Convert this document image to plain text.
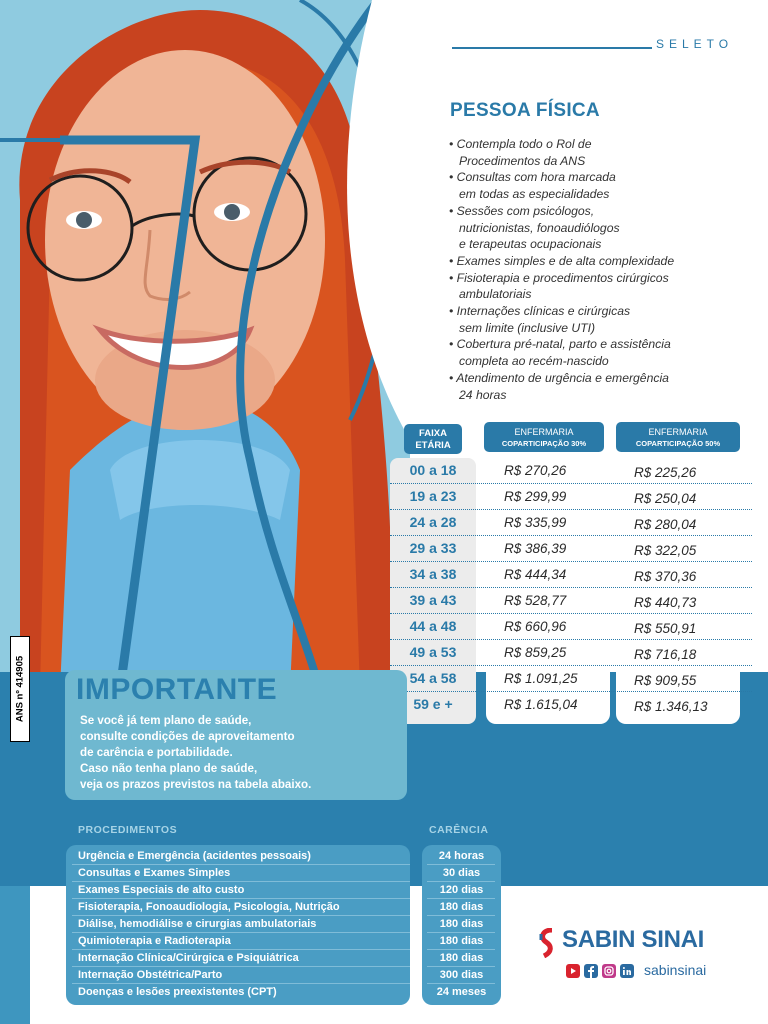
SELETO
PESSOA FÍSICA
• Contempla todo o Rol de
Procedimentos da ANS
• Consultas com hora marcada
em todas as especialidades
• Sessões com psicólogos,
nutricionistas, fonoaudiólogos
e terapeutas ocupacionais
• Exames simples e de alta complexidade
• Fisioterapia e procedimentos cirúrgicos
ambulatoriais
• Internações clínicas e cirúrgicas
sem limite (inclusive UTI)
• Cobertura pré-natal, parto e assistência
completa ao recém-nascido
• Atendimento de urgência e emergência
24 horas
FAIXA
ETÁRIA
ENFERMARIA
COPARTICIPAÇÃO 30%
ENFERMARIA
COPARTICIPAÇÃO 50%
00 a 18	R$ 270,26	R$ 225,26
19 a 23	R$ 299,99	R$ 250,04
24 a 28	R$ 335,99	R$ 280,04
29 a 33	R$ 386,39	R$ 322,05
34 a 38	R$ 444,34	R$ 370,36
39 a 43	R$ 528,77	R$ 440,73
44 a 48	R$ 660,96	R$ 550,91
49 a 53	R$ 859,25	R$ 716,18
54 a 58	R$ 1.091,25	R$ 909,55
59 e +	R$ 1.615,04	R$ 1.346,13
ANS nº 414905 IMPORTANTE
Se você já tem plano de saúde,
consulte condições de aproveitamento
de carência e portabilidade.
Caso não tenha plano de saúde,
veja os prazos previstos na tabela abaixo.
PROCEDIMENTOS	CARÊNCIA
Urgência e Emergência (acidentes pessoais)	24 horas
Consultas e Exames Simples	30 dias
Exames Especiais de alto custo	120 dias
Fisioterapia, Fonoaudiologia, Psicologia, Nutrição	180 dias
Diálise, hemodiálise e cirurgias ambulatoriais	180 dias
Quimioterapia e Radioterapia	180 dias
Internação Clínica/Cirúrgica e Psiquiátrica	180 dias
Internação Obstétrica/Parto	300 dias
Doenças e lesões preexistentes (CPT)	24 meses
SABIN SINAI
sabinsinai
